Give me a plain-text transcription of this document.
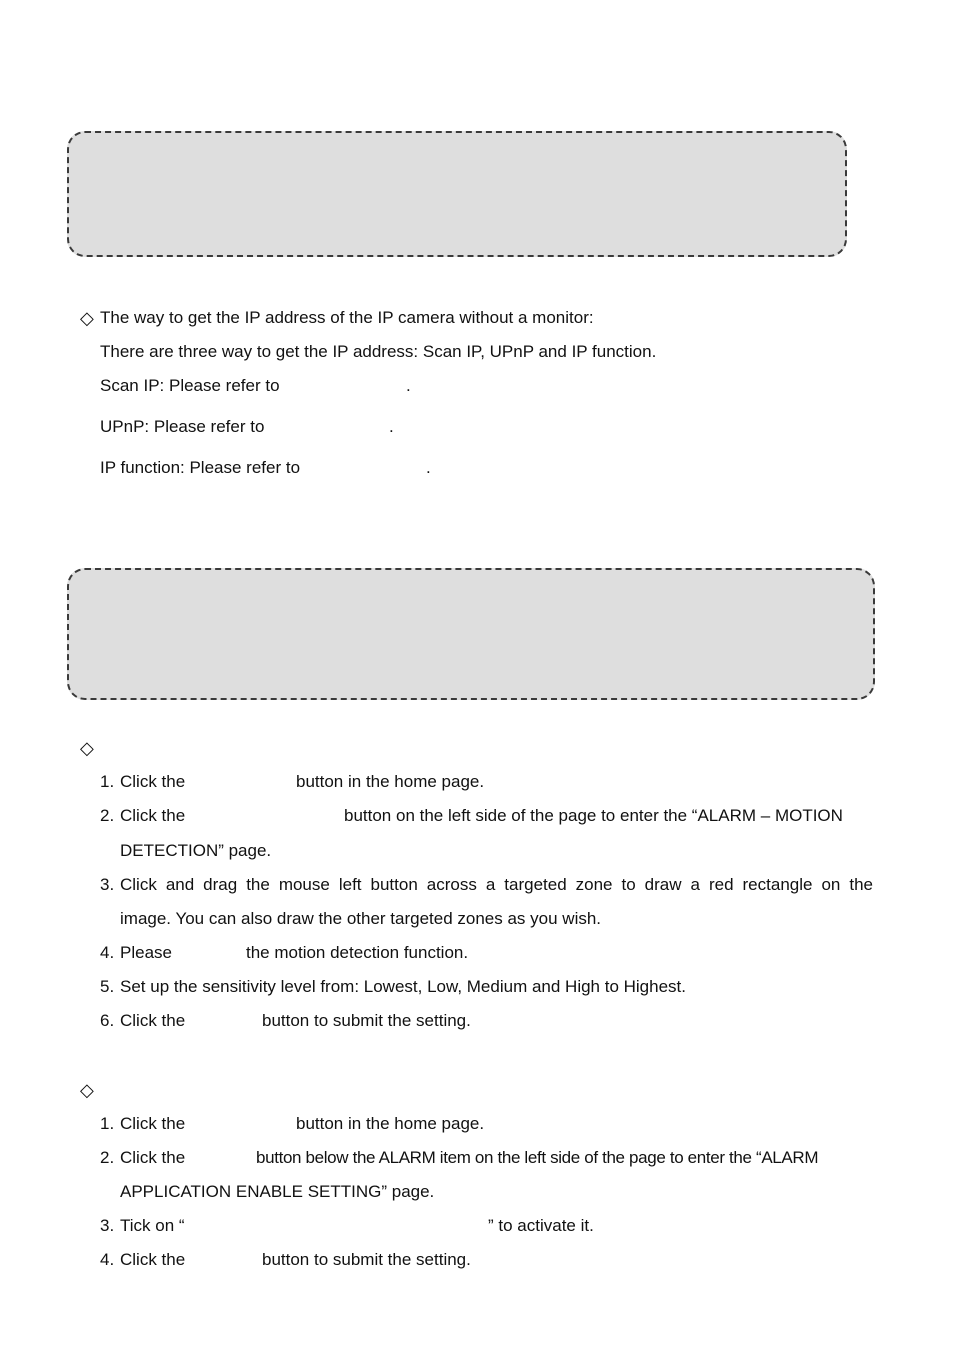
◇ The way to get the IP address of the IP camera without a monitor:
There are three way to get the IP address: Scan IP, UPnP and IP function.
Scan IP: Please refer to	.
UPnP: Please refer to	.
IP function: Please refer to	.
◇
1. Click the	button in the home page.
2. Click the	button on the left side of the page to enter the “ALARM – MOTION
DETECTION” page.
3. Click and drag the mouse left button across a targeted zone to draw a red rectangle on the
image. You can also draw the other targeted zones as you wish.
4. Please	the motion detection function.
5. Set up the sensitivity level from: Lowest, Low, Medium and High to Highest.
6. Click the	button to submit the setting.
◇
1. Click the	button in the home page.
2. Click the	button below the ALARM item on the left side of the page to enter the “ALARM
APPLICATION ENABLE SETTING” page.
3. Tick on “	” to activate it.
4. Click the	button to submit the setting.
